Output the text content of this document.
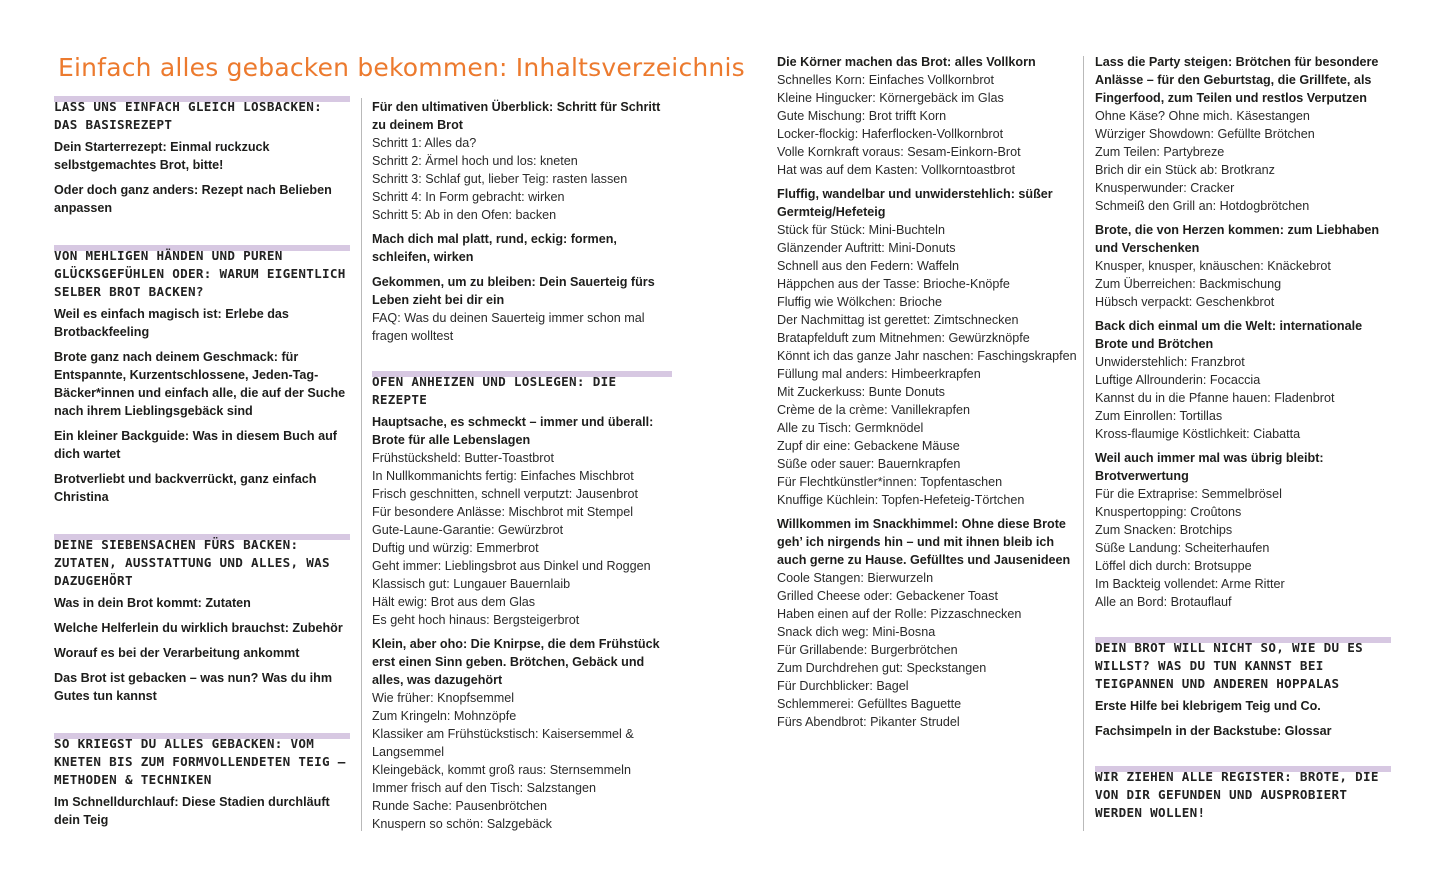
Einfach alles gebacken bekommen: Inhaltsverzeichnis
LASS UNS EINFACH GLEICH LOSBACKEN: DAS BASISREZEPT
Dein Starterrezept: Einmal ruckzuck selbstgemachtes Brot, bitte!
Oder doch ganz anders: Rezept nach Belieben anpassen
VON MEHLIGEN HÄNDEN UND PUREN GLÜCKSGEFÜHLEN ODER: WARUM EIGENTLICH SELBER BROT BACKEN?
Weil es einfach magisch ist: Erlebe das Brotbackfeeling
Brote ganz nach deinem Geschmack: für Entspannte, Kurzentschlossene, Jeden-Tag-Bäcker*innen und einfach alle, die auf der Suche nach ihrem Lieblingsgebäck sind
Ein kleiner Backguide: Was in diesem Buch auf dich wartet
Brotverliebt und backverrückt, ganz einfach Christina
DEINE SIEBENSACHEN FÜRS BACKEN: ZUTATEN, AUSSTATTUNG UND ALLES, WAS DAZUGEHÖRT
Was in dein Brot kommt: Zutaten
Welche Helferlein du wirklich brauchst: Zubehör
Worauf es bei der Verarbeitung ankommt
Das Brot ist gebacken – was nun? Was du ihm Gutes tun kannst
SO KRIEGST DU ALLES GEBACKEN: VOM KNETEN BIS ZUM FORMVOLLENDETEN TEIG – METHODEN & TECHNIKEN
Im Schnelldurchlauf: Diese Stadien durchläuft dein Teig
Für den ultimativen Überblick: Schritt für Schritt zu deinem Brot
Schritt 1: Alles da?
Schritt 2: Ärmel hoch und los: kneten
Schritt 3: Schlaf gut, lieber Teig: rasten lassen
Schritt 4: In Form gebracht: wirken
Schritt 5: Ab in den Ofen: backen
Mach dich mal platt, rund, eckig: formen, schleifen, wirken
Gekommen, um zu bleiben: Dein Sauerteig fürs Leben zieht bei dir ein
FAQ: Was du deinen Sauerteig immer schon mal fragen wolltest
OFEN ANHEIZEN UND LOSLEGEN: DIE REZEPTE
Hauptsache, es schmeckt – immer und überall: Brote für alle Lebenslagen
Frühstücksheld: Butter-Toastbrot
In Nullkommanichts fertig: Einfaches Mischbrot
Frisch geschnitten, schnell verputzt: Jausenbrot
Für besondere Anlässe: Mischbrot mit Stempel
Gute-Laune-Garantie: Gewürzbrot
Duftig und würzig: Emmerbrot
Geht immer: Lieblingsbrot aus Dinkel und Roggen
Klassisch gut: Lungauer Bauernlaib
Hält ewig: Brot aus dem Glas
Es geht hoch hinaus: Bergsteigerbrot
Klein, aber oho: Die Knirpse, die dem Frühstück erst einen Sinn geben. Brötchen, Gebäck und alles, was dazugehört
Wie früher: Knopfsemmel
Zum Kringeln: Mohnzöpfe
Klassiker am Frühstückstisch: Kaisersemmel & Langsemmel
Kleingebäck, kommt groß raus: Sternsemmeln
Immer frisch auf den Tisch: Salzstangen
Runde Sache: Pausenbrötchen
Knuspern so schön: Salzgebäck
Die Körner machen das Brot: alles Vollkorn
Schnelles Korn: Einfaches Vollkornbrot
Kleine Hingucker: Körnergebäck im Glas
Gute Mischung: Brot trifft Korn
Locker-flockig: Haferflocken-Vollkornbrot
Volle Kornkraft voraus: Sesam-Einkorn-Brot
Hat was auf dem Kasten: Vollkorntoastbrot
Fluffig, wandelbar und unwiderstehlich: süßer Germteig/Hefeteig
Stück für Stück: Mini-Buchteln
Glänzender Auftritt: Mini-Donuts
Schnell aus den Federn: Waffeln
Häppchen aus der Tasse: Brioche-Knöpfe
Fluffig wie Wölkchen: Brioche
Der Nachmittag ist gerettet: Zimtschnecken
Bratapfelduft zum Mitnehmen: Gewürzknöpfe
Könnt ich das ganze Jahr naschen: Faschingskrapfen
Füllung mal anders: Himbeerkrapfen
Mit Zuckerkuss: Bunte Donuts
Crème de la crème: Vanillekrapfen
Alle zu Tisch: Germknödel
Zupf dir eine: Gebackene Mäuse
Süße oder sauer: Bauernkrapfen
Für Flechtkünstler*innen: Topfentaschen
Knuffige Küchlein: Topfen-Hefeteig-Törtchen
Willkommen im Snackhimmel: Ohne diese Brote geh’ ich nirgends hin – und mit ihnen bleib ich auch gerne zu Hause. Gefülltes und Jausenideen
Coole Stangen: Bierwurzeln
Grilled Cheese oder: Gebackener Toast
Haben einen auf der Rolle: Pizzaschnecken
Snack dich weg: Mini-Bosna
Für Grillabende: Burgerbrötchen
Zum Durchdrehen gut: Speckstangen
Für Durchblicker: Bagel
Schlemmerei: Gefülltes Baguette
Fürs Abendbrot: Pikanter Strudel
Lass die Party steigen: Brötchen für besondere Anlässe – für den Geburtstag, die Grillfete, als Fingerfood, zum Teilen und restlos Verputzen
Ohne Käse? Ohne mich. Käsestangen
Würziger Showdown: Gefüllte Brötchen
Zum Teilen: Partybreze
Brich dir ein Stück ab: Brotkranz
Knusperwunder: Cracker
Schmeiß den Grill an: Hotdogbrötchen
Brote, die von Herzen kommen: zum Liebhaben und Verschenken
Knusper, knusper, knäuschen: Knäckebrot
Zum Überreichen: Backmischung
Hübsch verpackt: Geschenkbrot
Back dich einmal um die Welt: internationale Brote und Brötchen
Unwiderstehlich: Franzbrot
Luftige Allrounderin: Focaccia
Kannst du in die Pfanne hauen: Fladenbrot
Zum Einrollen: Tortillas
Kross-flaumige Köstlichkeit: Ciabatta
Weil auch immer mal was übrig bleibt: Brotverwertung
Für die Extraprise: Semmelbrösel
Knuspertopping: Croûtons
Zum Snacken: Brotchips
Süße Landung: Scheiterhaufen
Löffel dich durch: Brotsuppe
Im Backteig vollendet: Arme Ritter
Alle an Bord: Brotauflauf
DEIN BROT WILL NICHT SO, WIE DU ES WILLST? WAS DU TUN KANNST BEI TEIGPANNEN UND ANDEREN HOPPALAS
Erste Hilfe bei klebrigem Teig und Co.
Fachsimpeln in der Backstube: Glossar
WIR ZIEHEN ALLE REGISTER: BROTE, DIE VON DIR GEFUNDEN UND AUSPROBIERT WERDEN WOLLEN!
